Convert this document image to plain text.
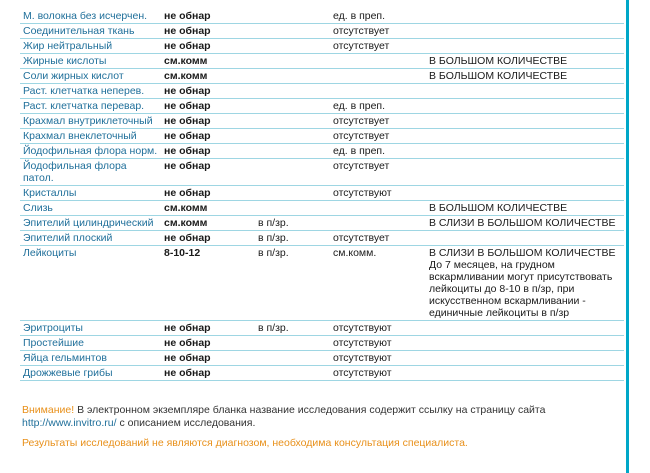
М. волокна без исчерчен.	не обнар		ед. в преп.	
Соединительная ткань	не обнар		отсутствует	
Жир нейтральный	не обнар		отсутствует	
Жирные кислоты	см.комм			В БОЛЬШОМ КОЛИЧЕСТВЕ
Соли жирных кислот	см.комм			В БОЛЬШОМ КОЛИЧЕСТВЕ
Раст. клетчатка неперев.	не обнар			
Раст. клетчатка перевар.	не обнар		ед. в преп.	
Крахмал внутриклеточный	не обнар		отсутствует	
Крахмал внеклеточный	не обнар		отсутствует	
Йодофильная флора норм.	не обнар		ед. в преп.	
Йодофильная флора патол.	не обнар		отсутствует	
Кристаллы	не обнар		отсутствуют	
Слизь	см.комм			В БОЛЬШОМ КОЛИЧЕСТВЕ
Эпителий цилиндрический	см.комм	в п/зр.		В СЛИЗИ В БОЛЬШОМ КОЛИЧЕСТВЕ
Эпителий плоский	не обнар	в п/зр.	отсутствует	
Лейкоциты	8-10-12	в п/зр.	см.комм.	В СЛИЗИ В БОЛЬШОМ КОЛИЧЕСТВЕ До 7 месяцев, на грудном вскармливании могут присутствовать лейкоциты до 8-10 в п/зр, при искусственном вскармливании - единичные лейкоциты в п/зр
Эритроциты	не обнар	в п/зр.	отсутствуют	
Простейшие	не обнар		отсутствуют	
Яйца гельминтов	не обнар		отсутствуют	
Дрожжевые грибы	не обнар		отсутствуют	
Внимание! В электронном экземпляре бланка название исследования содержит ссылку на страницу сайта
http://www.invitro.ru/ с описанием исследования.
Результаты исследований не являются диагнозом, необходима консультация специалиста.
